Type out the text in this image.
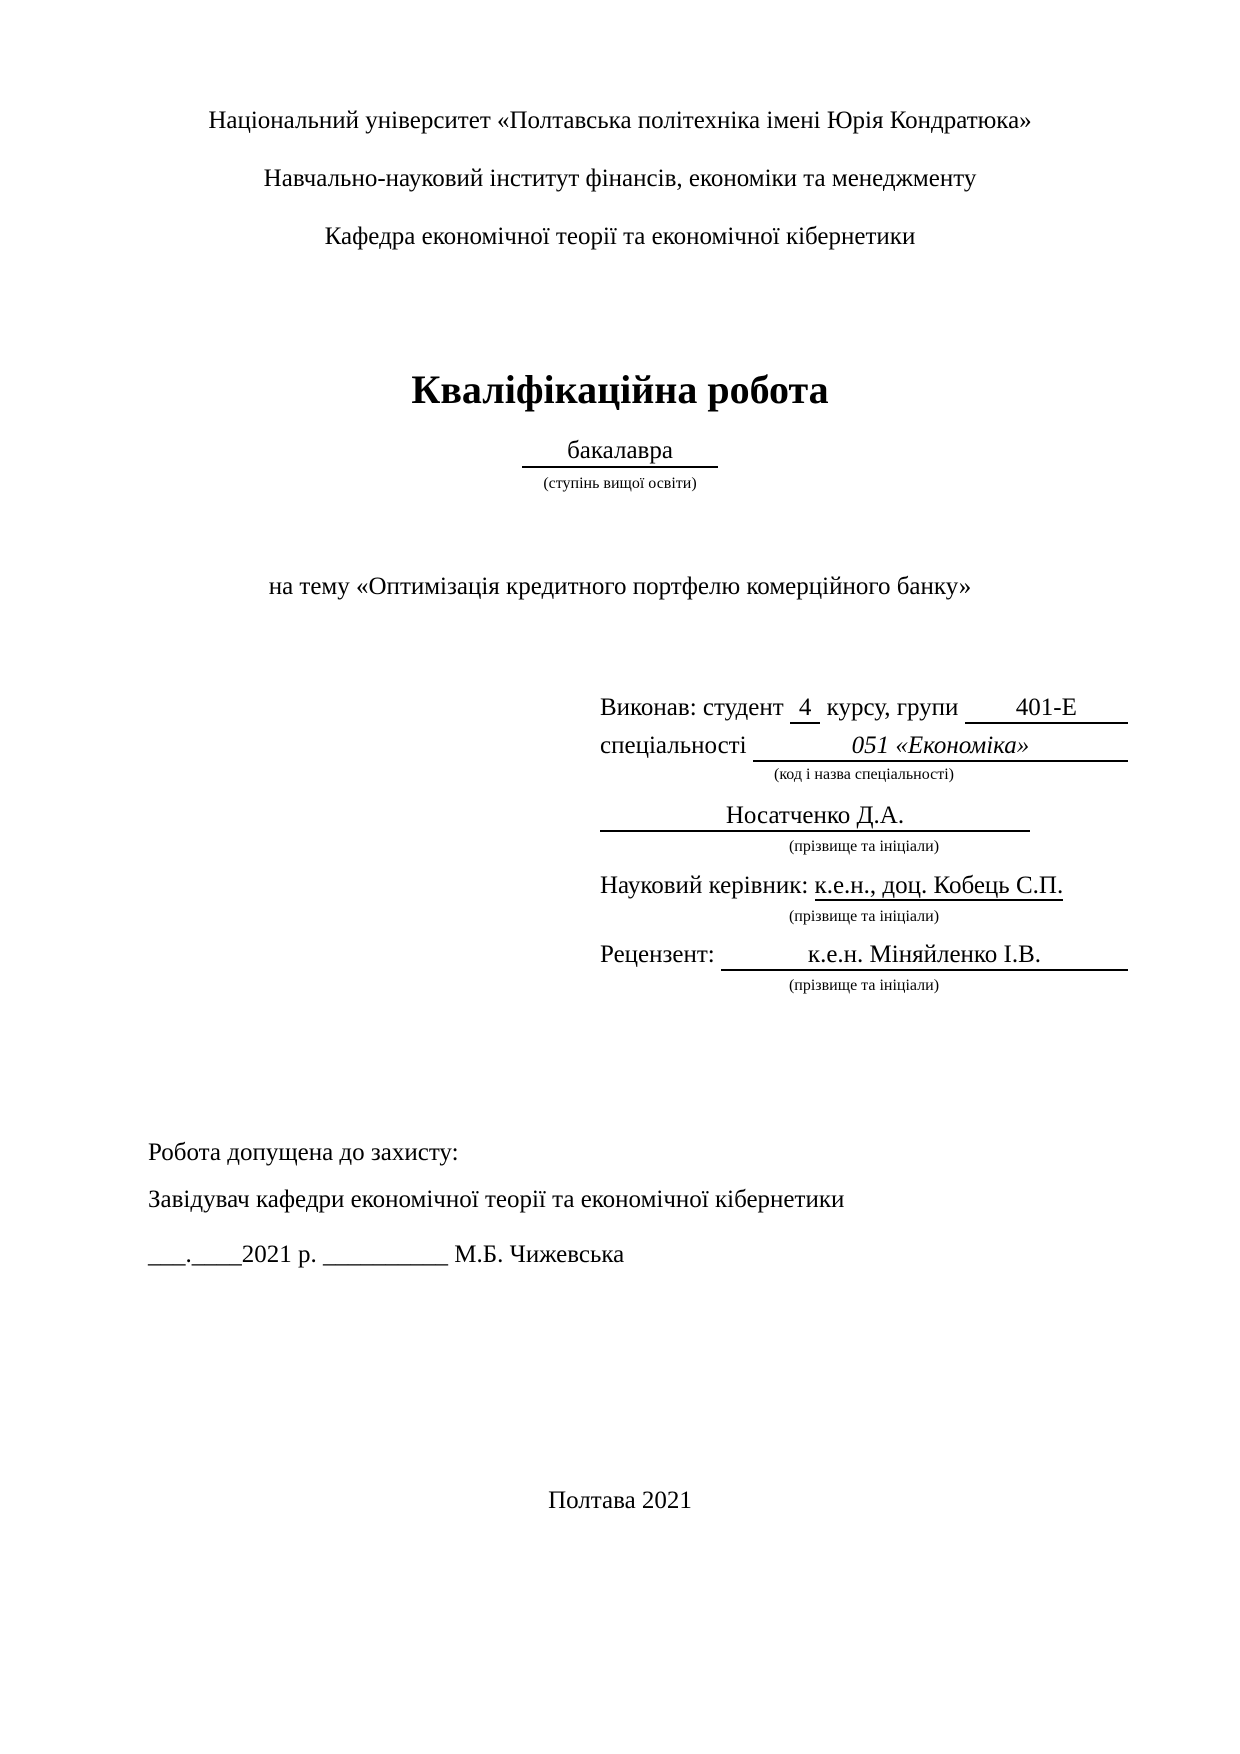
Національний університет «Полтавська політехніка імені Юрія Кондратюка»
Навчально-науковий інститут фінансів, економіки та менеджменту
Кафедра економічної теорії та економічної кібернетики
Кваліфікаційна робота
бакалавра
(ступінь вищої освіти)
на тему «Оптимізація кредитного портфелю комерційного банку»
Виконав: студент 4 курсу, групи	401-Е
спеціальності	051 «Економіка»
(код і назва спеціальності)
Носатченко Д.А.
(прізвище та ініціали)
Науковий керівник: к.е.н., доц. Кобець С.П.
(прізвище та ініціали)
Рецензент:	к.е.н. Міняйленко І.В.
(прізвище та ініціали)
Робота допущена до захисту:
Завідувач кафедри економічної теорії та економічної кібернетики
___.____2021 р. __________ М.Б. Чижевська
Полтава 2021
